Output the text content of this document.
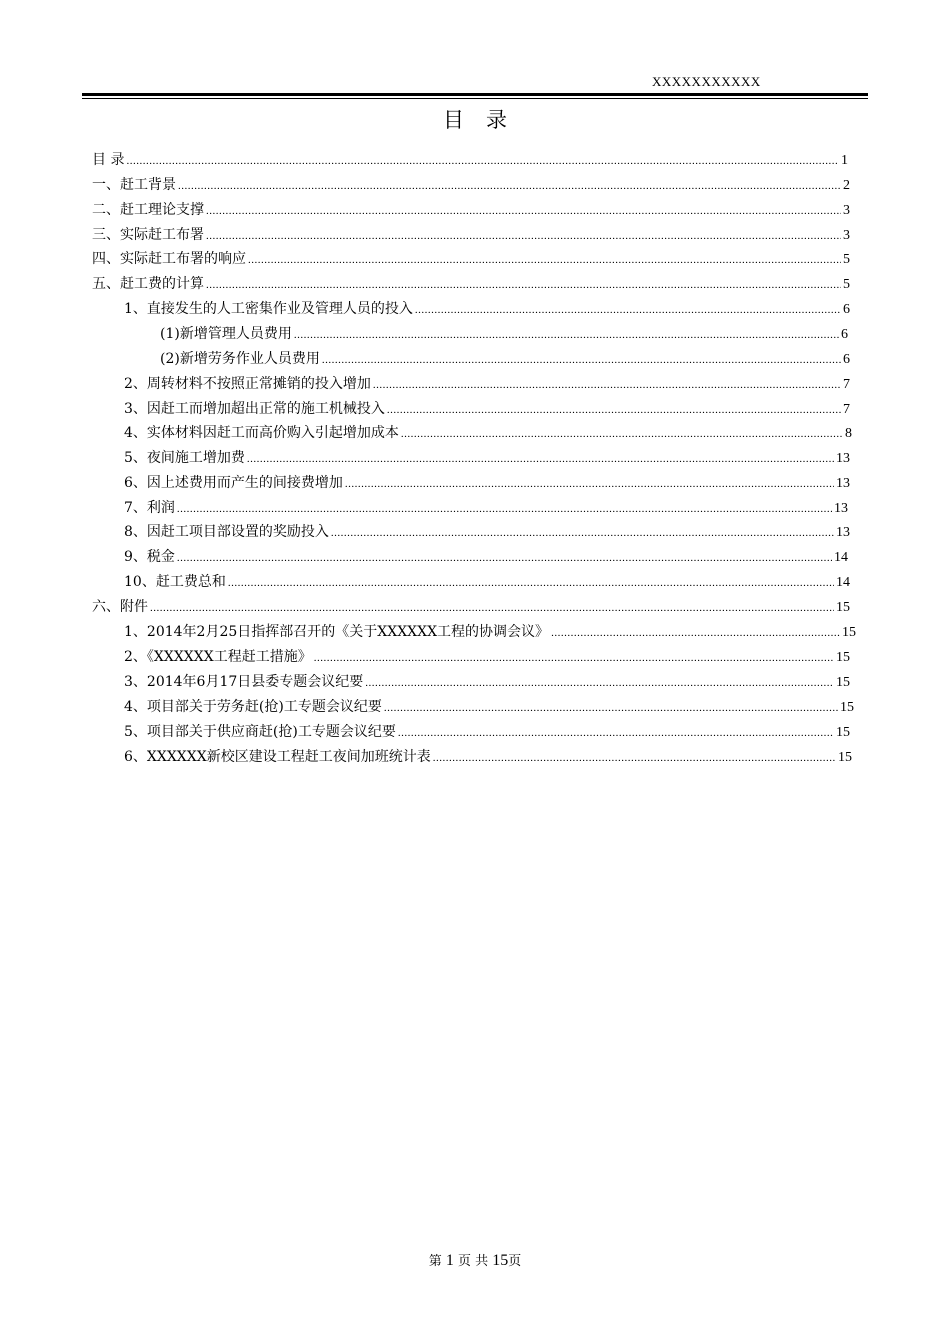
XXXXXXXXXXX
目录
目 录 .....	1
一、赶工背景 .....	2
二、赶工理论支撑 .....	3
三、实际赶工布署 .....	3
四、实际赶工布署的响应 .....	5
五、赶工费的计算 .....	5
1、直接发生的人工密集作业及管理人员的投入 .....	6
(1)新增管理人员费用 .....	6
(2)新增劳务作业人员费用 .....	6
2、周转材料不按照正常摊销的投入增加 .....	7
3、因赶工而增加超出正常的施工机械投入 .....	7
4、实体材料因赶工而高价购入引起增加成本 .....	8
5、夜间施工增加费 .....	13
6、因上述费用而产生的间接费增加 .....	13
7、利润 .....	13
8、因赶工项目部设置的奖励投入 .....	13
9、税金 .....	14
10、赶工费总和 .....	14
六、附件 .....	15
1、2014年2月25日指挥部召开的《关于XXXXXX工程的协调会议》 .....	15
2、《XXXXXX工程赶工措施》 .....	15
3、2014年6月17日县委专题会议纪要 .....	15
4、项目部关于劳务赶(抢)工专题会议纪要 .....	15
5、项目部关于供应商赶(抢)工专题会议纪要 .....	15
6、XXXXXX新校区建设工程赶工夜间加班统计表 .....	15
第 1 页 共 15页
